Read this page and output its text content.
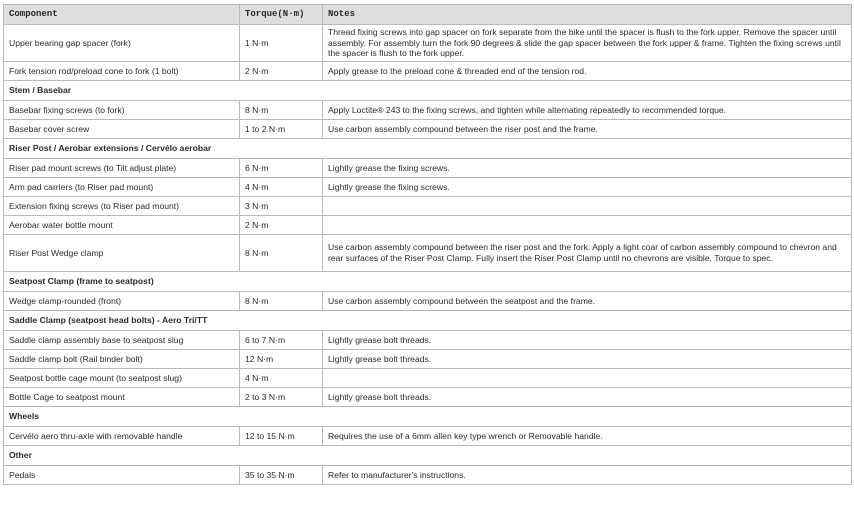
Component	Torque(N·m)	Notes
Upper bearing gap spacer (fork)	1 N·m	Thread fixing screws into gap spacer on fork separate from the bike until the spacer is flush to the fork upper. Remove the spacer until assembly. For assembly turn the fork 90 degrees & slide the gap spacer between the fork upper & frame. Tighten the fixing screws until the spacer is flush to the fork upper.
Fork tension rod/preload cone to fork (1 bolt)	2 N·m	Apply grease to the preload cone & threaded end of the tension rod.
Stem / Basebar		
Basebar fixing screws (to fork)	8 N·m	Apply Loctite® 243 to the fixing screws, and tighten while alternating repeatedly to recommended torque.
Basebar cover screw	1 to 2 N·m	Use carbon assembly compound between the riser post and the frame.
Riser Post / Aerobar extensions / Cervélo aerobar		
Riser pad mount screws (to Tilt adjust plate)	6 N·m	Lightly grease the fixing screws.
Arm pad carriers (to Riser pad mount)	4 N·m	Lightly grease the fixing screws.
Extension fixing screws (to Riser pad mount)	3 N·m	
Aerobar water bottle mount	2 N·m	
Riser Post Wedge clamp	8 N·m	Use carbon assembly compound between the riser post and the fork. Apply a light coar of carbon assembly compound to chevron and rear surfaces of the Riser Post Clamp. Fully insert the Riser Post Clamp until no chevrons are visible. Torque to spec.
Seatpost Clamp (frame to seatpost)		
Wedge clamp-rounded (front)	8 N·m	Use carbon assembly compound between the seatpost and the frame.
Saddle Clamp (seatpost head bolts) - Aero Tri/TT		
Saddle clamp assembly base to seatpost slug	6 to 7 N·m	Lightly grease bolt threads.
Saddle clamp bolt (Rail binder bolt)	12 N·m	Lightly grease bolt threads.
Seatpost bottle cage mount (to seatpost slug)	4 N·m	
Bottle Cage to seatpost mount	2 to 3 N·m	Lightly grease bolt threads.
Wheels		
Cervélo aero thru-axle with removable handle	12 to 15 N·m	Requires the use of a 6mm allen key type wrench or Removable handle.
Other		
Pedals	35 to 35 N·m	Refer to manufacturer's instructions.
